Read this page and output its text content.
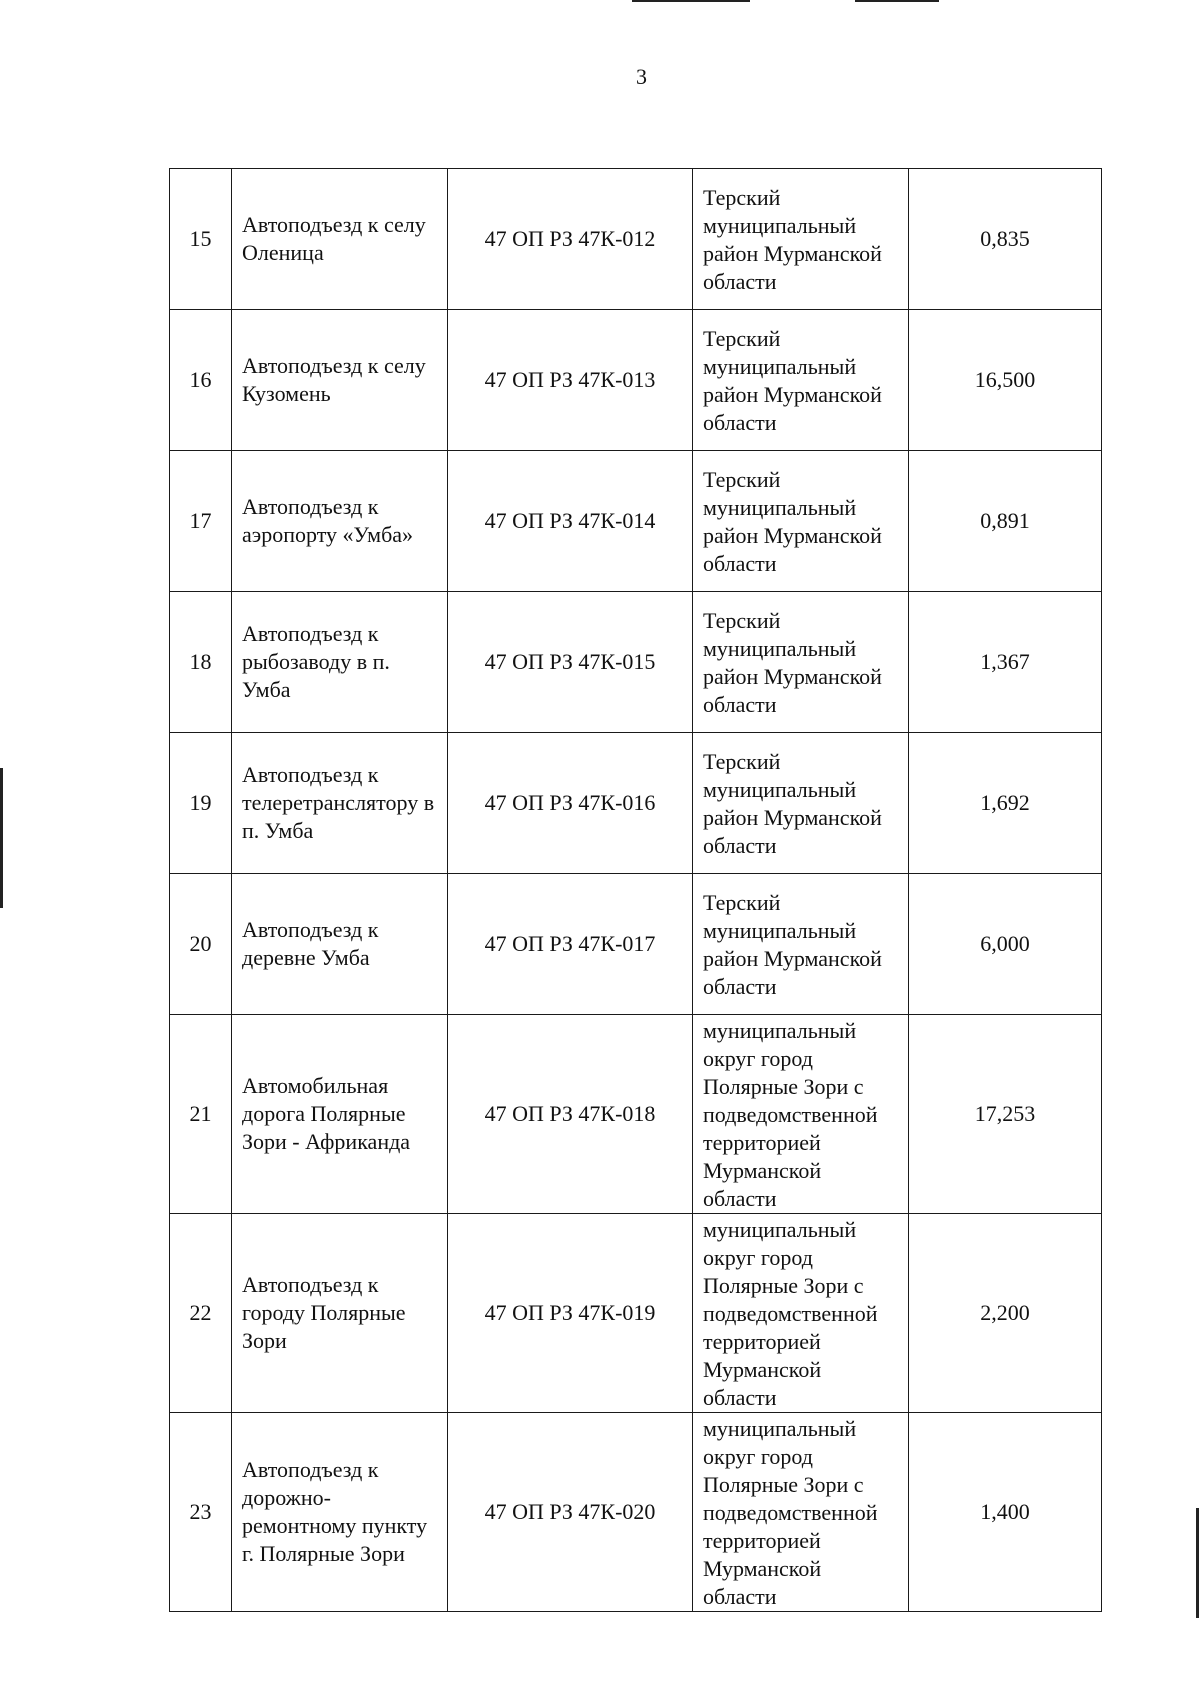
3
15	Автоподъезд к селу Оленица	47 ОП РЗ 47К-012	Терский муниципальный район Мурманской области	0,835
16	Автоподъезд к селу Кузомень	47 ОП РЗ 47К-013	Терский муниципальный район Мурманской области	16,500
17	Автоподъезд к аэропорту «Умба»	47 ОП РЗ 47К-014	Терский муниципальный район Мурманской области	0,891
18	Автоподъезд к рыбозаводу в п. Умба	47 ОП РЗ 47К-015	Терский муниципальный район Мурманской области	1,367
19	Автоподъезд к телеретранслятору в п. Умба	47 ОП РЗ 47К-016	Терский муниципальный район Мурманской области	1,692
20	Автоподъезд к деревне Умба	47 ОП РЗ 47К-017	Терский муниципальный район Мурманской области	6,000
21	Автомобильная дорога Полярные Зори - Африканда	47 ОП РЗ 47К-018	муниципальный округ город Полярные Зори с подведомственной территорией Мурманской области	17,253
22	Автоподъезд к городу Полярные Зори	47 ОП РЗ 47К-019	муниципальный округ город Полярные Зори с подведомственной территорией Мурманской области	2,200
23	Автоподъезд к дорожно-ремонтному пункту г. Полярные Зори	47 ОП РЗ 47К-020	муниципальный округ город Полярные Зори с подведомственной территорией Мурманской области	1,400
